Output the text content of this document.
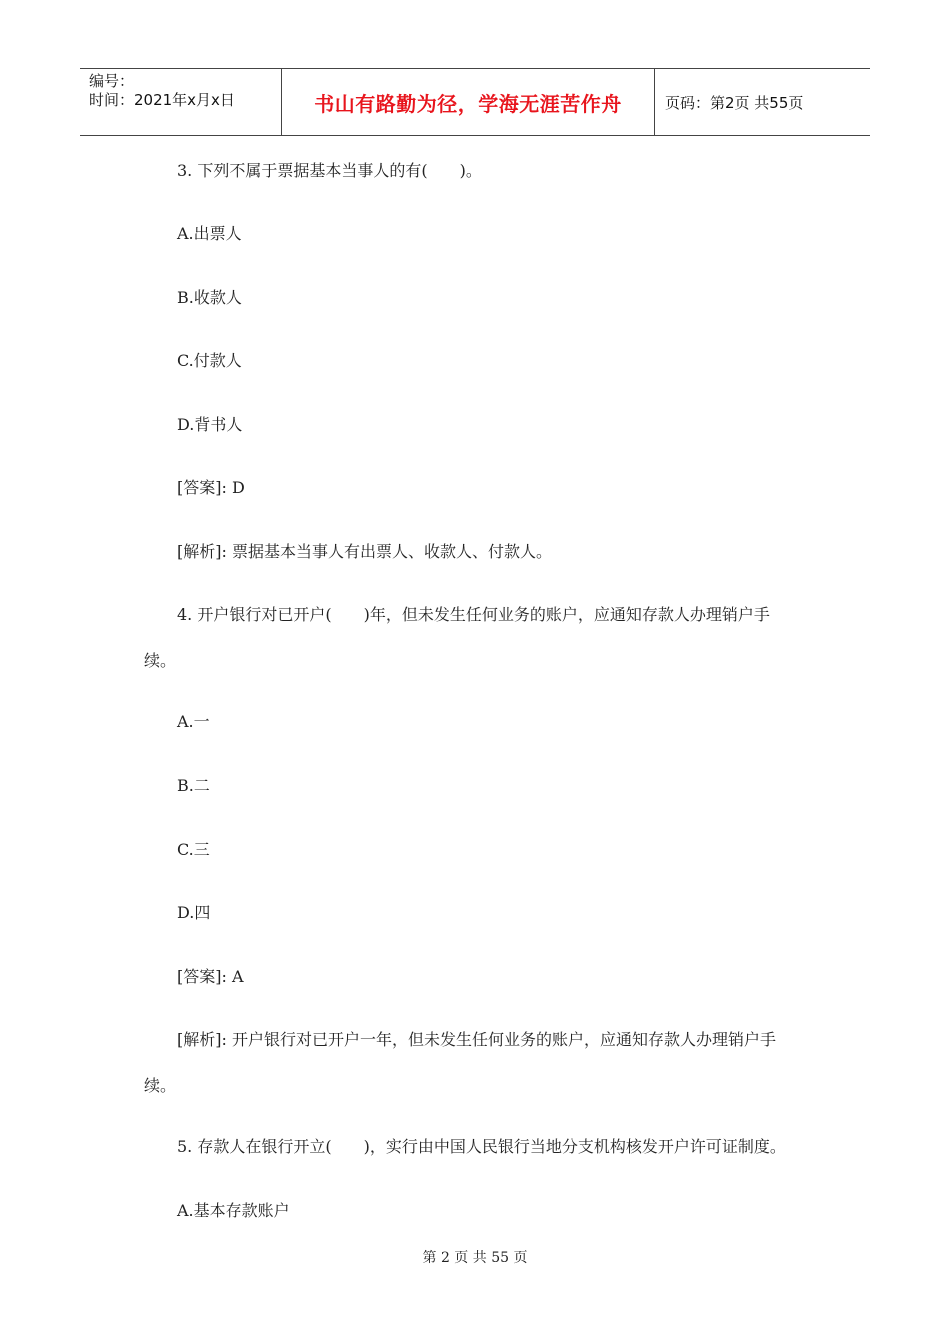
编号：
时间：2021年x月x日	书山有路勤为径，学海无涯苦作舟	页码：第2页 共55页
3. 下列不属于票据基本当事人的有(　　)。
A.出票人
B.收款人
C.付款人
D.背书人
[答案]: D
[解析]: 票据基本当事人有出票人、收款人、付款人。
4. 开户银行对已开户(　　)年，但未发生任何业务的账户，应通知存款人办理销户手
续。
A.一
B.二
C.三
D.四
[答案]: A
[解析]: 开户银行对已开户一年，但未发生任何业务的账户，应通知存款人办理销户手
续。
5. 存款人在银行开立(　　)，实行由中国人民银行当地分支机构核发开户许可证制度。
A.基本存款账户
第 2 页 共 55 页
